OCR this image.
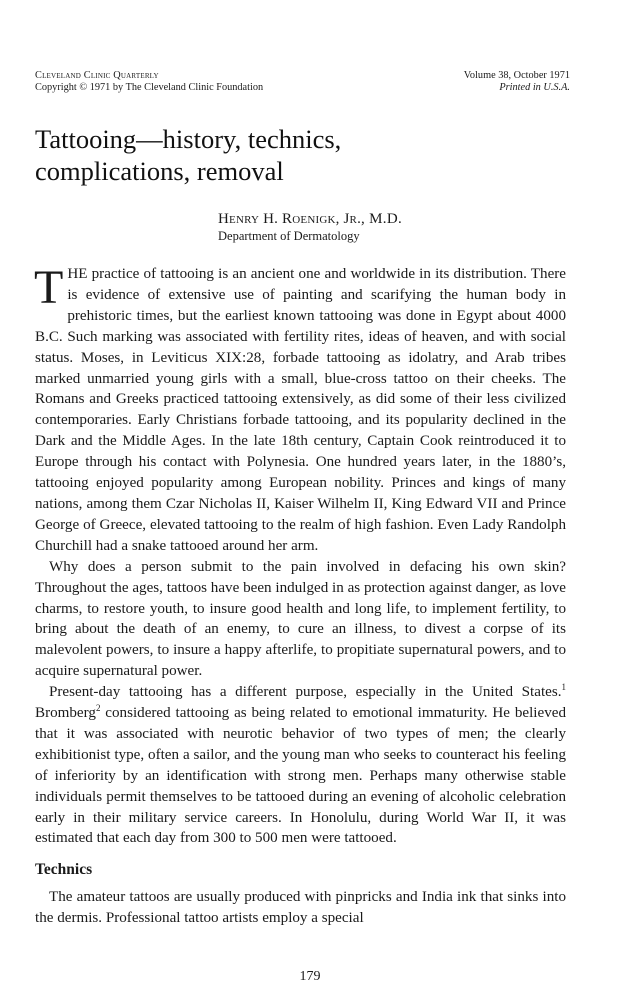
Cleveland Clinic Quarterly
Copyright © 1971 by The Cleveland Clinic Foundation
Volume 38, October 1971
Printed in U.S.A.
Tattooing—history, technics,
complications, removal
Henry H. Roenigk, Jr., M.D.
Department of Dermatology

THE practice of tattooing is an ancient one and worldwide in its distribution. There is evidence of extensive use of painting and scarifying the human body in prehistoric times, but the earliest known tattooing was done in Egypt about 4000 B.C. Such marking was associated with fertility rites, ideas of heaven, and with social status. Moses, in Leviticus XIX:28, forbade tattooing as idolatry, and Arab tribes marked unmarried young girls with a small, blue-cross tattoo on their cheeks. The Romans and Greeks practiced tattooing extensively, as did some of their less civilized contemporaries. Early Christians forbade tattooing, and its popularity declined in the Dark and the Middle Ages. In the late 18th century, Captain Cook reintroduced it to Europe through his contact with Polynesia. One hundred years later, in the 1880’s, tattooing enjoyed popularity among European nobility. Princes and kings of many nations, among them Czar Nicholas II, Kaiser Wilhelm II, King Edward VII and Prince George of Greece, elevated tattooing to the realm of high fashion. Even Lady Randolph Churchill had a snake tattooed around her arm.

Why does a person submit to the pain involved in defacing his own skin? Throughout the ages, tattoos have been indulged in as protection against danger, as love charms, to restore youth, to insure good health and long life, to implement fertility, to bring about the death of an enemy, to cure an illness, to divest a corpse of its malevolent powers, to insure a happy afterlife, to propitiate supernatural powers, and to acquire supernatural power.

Present-day tattooing has a different purpose, especially in the United States.$^1$ Bromberg$^2$ considered tattooing as being related to emotional immaturity. He believed that it was associated with neurotic behavior of two types of men; the clearly exhibitionist type, often a sailor, and the young man who seeks to counteract his feeling of inferiority by an identification with strong men. Perhaps many otherwise stable individuals permit themselves to be tattooed during an evening of alcoholic celebration early in their military service careers. In Honolulu, during World War II, it was estimated that each day from 300 to 500 men were tattooed.

Technics

The amateur tattoos are usually produced with pinpricks and India ink that sinks into the dermis. Professional tattoo artists employ a special

179
